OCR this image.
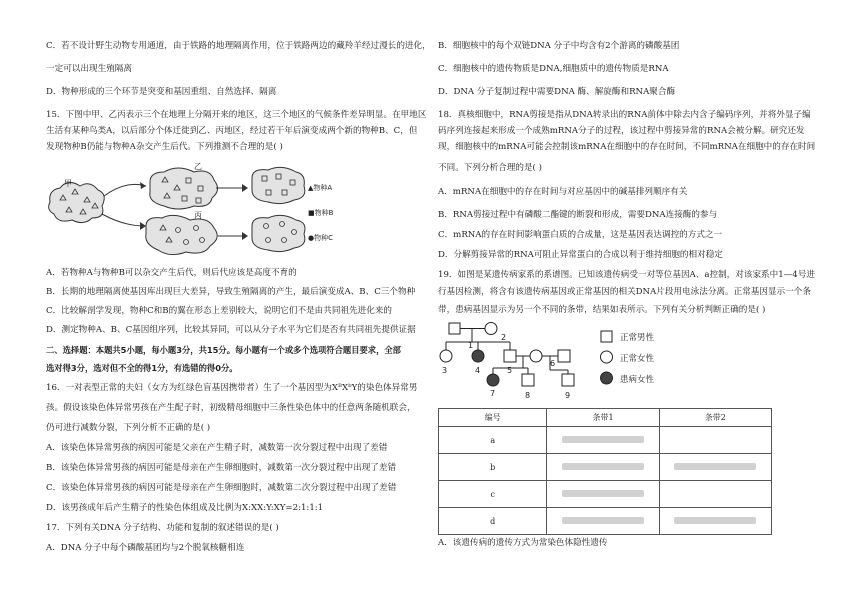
C．若不设计野生动物专用通道，由于铁路的地理隔离作用，位于铁路两边的藏羚羊经过漫长的进化，
一定可以出现生殖隔离
D．物种形成的三个环节是突变和基因重组、自然选择、隔离
15．下图中甲、乙丙表示三个在地理上分隔开来的地区，这三个地区的气候条件差异明显。在甲地区
生活有某种鸟类A，以后部分个体迁徙到乙、丙地区，经过若干年后演变成两个新的物种B、C，但
发现物种B仍能与物种A杂交产生后代。下列推测不合理的是( )
甲
乙
丙
▲物种A
■物种B
●物种C
A．若物种A与物种B可以杂交产生后代，则后代应该是高度不育的
B．长期的地理隔离使基因库出现巨大差异，导致生殖隔离的产生，最后演变成A、B、C三个物种
C．比较解剖学发现，物种C和B的翼在形态上差别较大，说明它们不是由共同祖先进化来的
D．测定物种A、B、C基因组序列，比较其异同，可以从分子水平为它们是否有共同祖先提供证据
二、选择题：本题共5小题，每小题3分，共15分。每小题有一个或多个选项符合题目要求，全部
选对得3分，选对但不全的得1分，有选错的得0分。
16．一对表型正常的夫妇（女方为红绿色盲基因携带者）生了一个基因型为XᴮXᵇY的染色体异常男
孩。假设该染色体异常男孩在产生配子时，初级精母细胞中三条性染色体中的任意两条随机联会，
仍可进行减数分裂，下列分析不正确的是( )
A．该染色体异常男孩的病因可能是父亲在产生精子时，减数第一次分裂过程中出现了差错
B．该染色体异常男孩的病因可能是母亲在产生卵细胞时，减数第一次分裂过程中出现了差错
C．该染色体异常男孩的病因可能是母亲在产生卵细胞时，减数第二次分裂过程中出现了差错
D．该男孩成年后产生精子的性染色体组成及比例为X:XX:Y:XY=2:1:1:1
17．下列有关DNA 分子结构、功能和复制的叙述错误的是( )
A．DNA 分子中每个磷酸基团均与2个脱氧核糖相连
B．细胞核中的每个双链DNA 分子中均含有2个游离的磷酸基团
C．细胞核中的遗传物质是DNA,细胞质中的遗传物质是RNA
D．DNA 分子复制过程中需要DNA 酶、解旋酶和RNA聚合酶
18．真核细胞中，RNA剪接是指从DNA转录出的RNA前体中除去内含子编码序列，并将外显子编
码序列连接起来形成一个成熟mRNA分子的过程，该过程中剪接异常的RNA会被分解。研究还发
现，细胞核中的mRNA可能会控制该mRNA在细胞中的存在时间，不同mRNA在细胞中的存在时间
不同。下列分析合理的是( )
A．mRNA在细胞中的存在时间与对应基因中的碱基排列顺序有关
B．RNA剪接过程中有磷酸二酯键的断裂和形成，需要DNA连接酶的参与
C．mRNA的存在时间影响蛋白质的合成量，这是基因表达调控的方式之一
D．分解剪接异常的RNA可阻止异常蛋白的合成以利于维持细胞的相对稳定
19．如图是某遗传病家系的系谱图。已知该遗传病受一对等位基因A、a控制，对该家系中1—4号进
行基因检测，将含有该遗传病基因或正常基因的相关DNA片段用电泳法分离。正常基因显示一个条
带，患病基因显示为另一个不同的条带，结果如表所示。下列有关分析判断正确的是( )
1
2
3	4	5
6
7	8	9
正常男性
正常女性
患病女性
编号	条带1	条带2
a		
b		
c		
d		
A．该遗传病的遗传方式为常染色体隐性遗传
